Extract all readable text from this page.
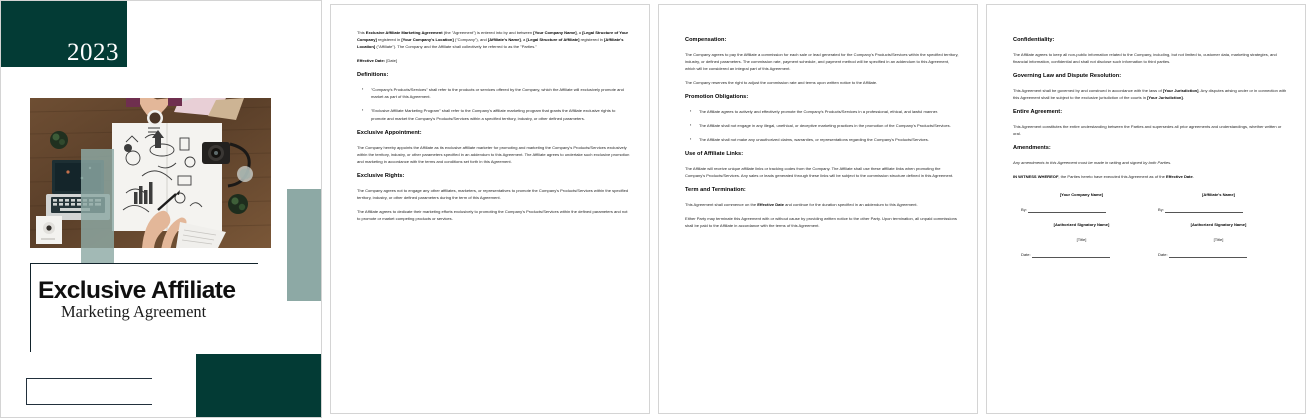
2023
Exclusive Affiliate
Marketing Agreement

This Exclusive Affiliate Marketing Agreement (the "Agreement") is entered into by and between [Your Company Name], a [Legal Structure of Your Company] registered in [Your Company's Location] ("Company"), and [Affiliate's Name], a [Legal Structure of Affiliate] registered in [Affiliate's Location] ("Affiliate"). The Company and the Affiliate shall collectively be referred to as the "Parties."

Effective Date: [Date]

Definitions:
▪ "Company's Products/Services" shall refer to the products or services offered by the Company, which the Affiliate will exclusively promote and market as part of this Agreement.
▪ "Exclusive Affiliate Marketing Program" shall refer to the Company's affiliate marketing program that grants the Affiliate exclusive rights to promote and market the Company's Products/Services within a specified territory, industry, or other defined parameters.
Exclusive Appointment:

The Company hereby appoints the Affiliate as its exclusive affiliate marketer for promoting and marketing the Company's Products/Services exclusively within the territory, industry, or other parameters specified in an addendum to this Agreement. The Affiliate agrees to undertake such exclusive promotion and marketing in accordance with the terms and conditions set forth in this Agreement.

Exclusive Rights:

The Company agrees not to engage any other affiliates, marketers, or representatives to promote the Company's Products/Services within the specified territory, industry, or other defined parameters during the term of this Agreement.

The Affiliate agrees to dedicate their marketing efforts exclusively to promoting the Company's Products/Services within the defined parameters and not to promote or market competing products or services.

Compensation:

The Company agrees to pay the Affiliate a commission for each sale or lead generated for the Company's Products/Services within the specified territory, industry, or defined parameters. The commission rate, payment schedule, and payment method will be specified in an addendum to this Agreement, which will be considered an integral part of this Agreement.

The Company reserves the right to adjust the commission rate and terms upon written notice to the Affiliate.

Promotion Obligations:
▪ The Affiliate agrees to actively and effectively promote the Company's Products/Services in a professional, ethical, and lawful manner.
▪ The Affiliate shall not engage in any illegal, unethical, or deceptive marketing practices in the promotion of the Company's Products/Services.
▪ The Affiliate shall not make any unauthorized claims, warranties, or representations regarding the Company's Products/Services.
Use of Affiliate Links:

The Affiliate will receive unique affiliate links or tracking codes from the Company. The Affiliate shall use these affiliate links when promoting the Company's Products/Services. Any sales or leads generated through these links will be subject to the commission structure defined in this Agreement.

Term and Termination:

This Agreement shall commence on the Effective Date and continue for the duration specified in an addendum to this Agreement.

Either Party may terminate this Agreement with or without cause by providing written notice to the other Party. Upon termination, all unpaid commissions shall be paid to the Affiliate in accordance with the terms of this Agreement.

Confidentiality:

The Affiliate agrees to keep all non-public information related to the Company, including, but not limited to, customer data, marketing strategies, and financial information, confidential and shall not disclose such information to third parties.

Governing Law and Dispute Resolution:

This Agreement shall be governed by and construed in accordance with the laws of [Your Jurisdiction]. Any disputes arising under or in connection with this Agreement shall be subject to the exclusive jurisdiction of the courts in [Your Jurisdiction].

Entire Agreement:

This Agreement constitutes the entire understanding between the Parties and supersedes all prior agreements and understandings, whether written or oral.

Amendments:

Any amendments to this Agreement must be made in writing and signed by both Parties.

IN WITNESS WHEREOF, the Parties hereto have executed this Agreement as of the Effective Date.

[Your Company Name]
By:
[Authorized Signatory Name]
[Title]
Date:
[Affiliate's Name]
By:
[Authorized Signatory Name]
[Title]
Date:
